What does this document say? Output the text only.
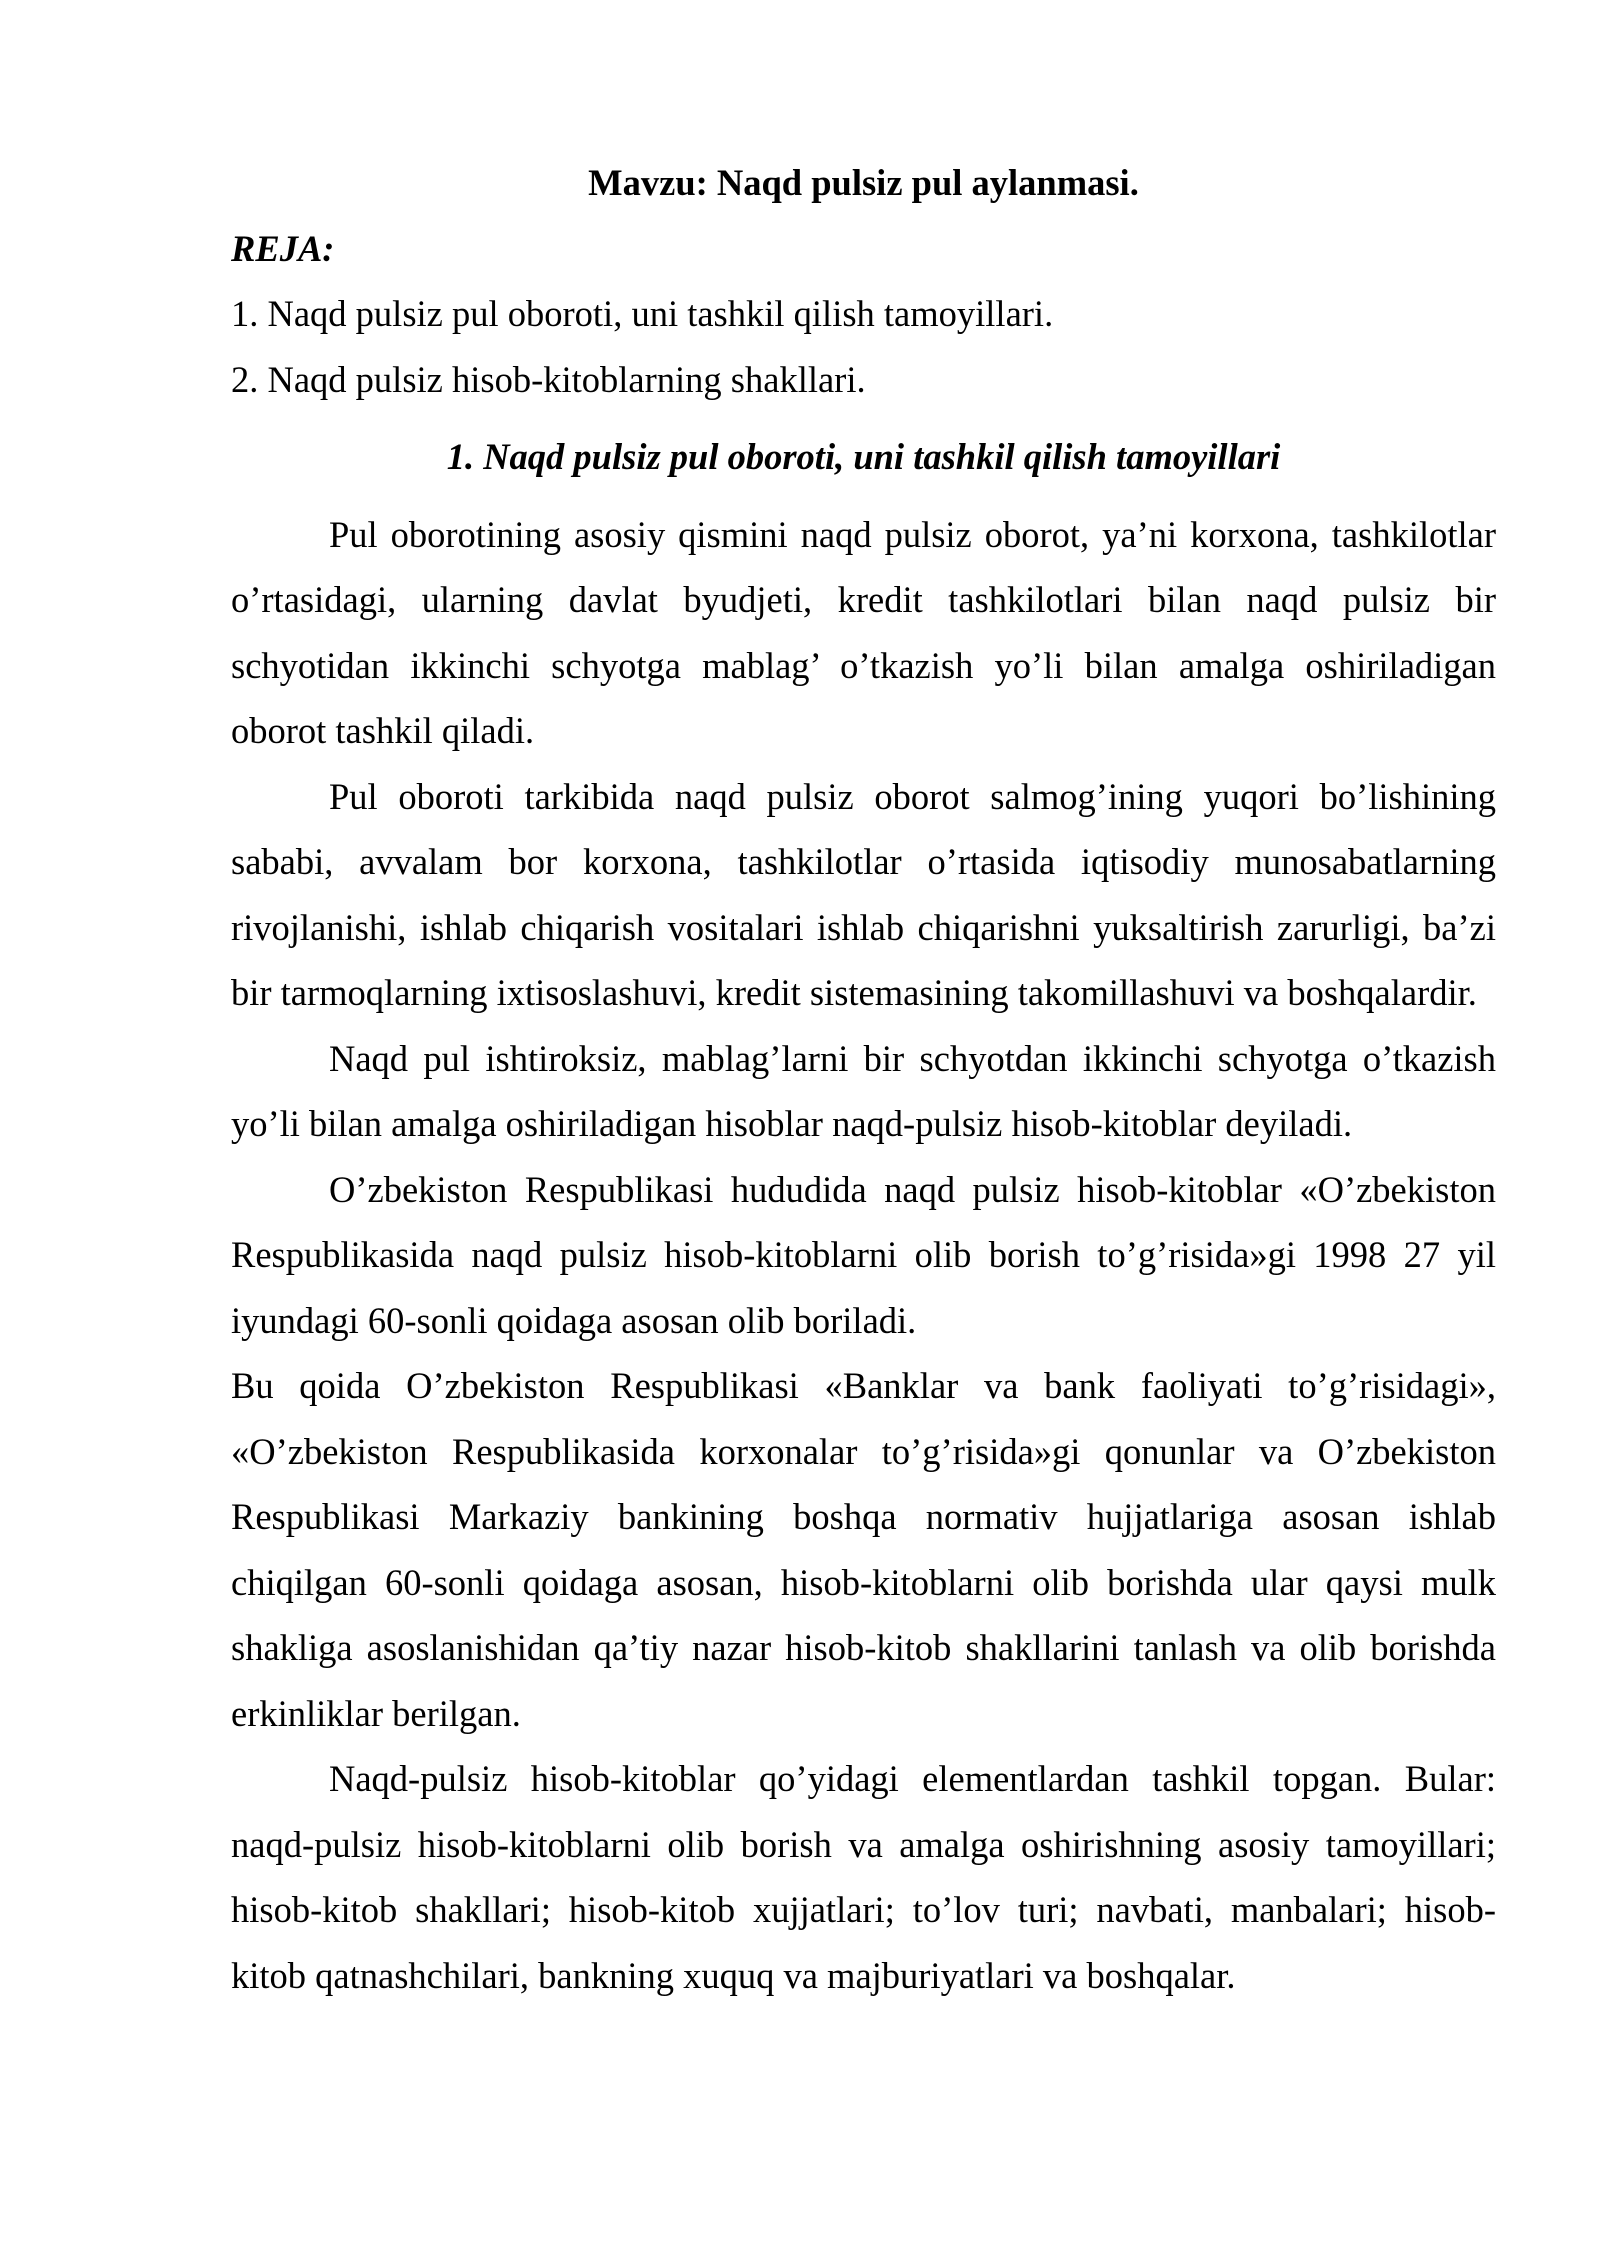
Mavzu: Naqd pulsiz pul aylanmasi.

REJA:

1. Naqd pulsiz pul oboroti, uni tashkil qilish tamoyillari.

2. Naqd pulsiz hisob-kitoblarning shakllari.

1. Naqd pulsiz pul oboroti, uni tashkil qilish tamoyillari

Pul oborotining asosiy qismini naqd pulsiz oborot, ya’ni korxona, tashkilotlar o’rtasidagi, ularning davlat byudjeti, kredit tashkilotlari bilan naqd pulsiz bir schyotidan ikkinchi schyotga mablag’ o’tkazish yo’li bilan amalga oshiriladigan oborot tashkil qiladi.

Pul oboroti tarkibida naqd pulsiz oborot salmog’ining yuqori bo’lishining sababi, avvalam bor korxona, tashkilotlar o’rtasida iqtisodiy munosabatlarning rivojlanishi, ishlab chiqarish vositalari ishlab chiqarishni yuksaltirish zarurligi, ba’zi bir tarmoqlarning ixtisoslashuvi, kredit sistemasining takomillashuvi va boshqalardir.

Naqd pul ishtiroksiz, mablag’larni bir schyotdan ikkinchi schyotga o’tkazish yo’li bilan amalga oshiriladigan hisoblar naqd-pulsiz hisob-kitoblar deyiladi.

O’zbekiston Respublikasi hududida naqd pulsiz hisob-kitoblar «O’zbekiston Respublikasida naqd pulsiz hisob-kitoblarni olib borish to’g’risida»gi 1998 27 yil iyundagi 60-sonli qoidaga asosan olib boriladi.

Bu qoida O’zbekiston Respublikasi «Banklar va bank faoliyati to’g’risidagi», «O’zbekiston Respublikasida korxonalar to’g’risida»gi qonunlar va O’zbekiston Respublikasi Markaziy bankining boshqa normativ hujjatlariga asosan ishlab chiqilgan 60-sonli qoidaga asosan, hisob-kitoblarni olib borishda ular qaysi mulk shakliga asoslanishidan qa’tiy nazar hisob-kitob shakllarini tanlash va olib borishda erkinliklar berilgan.

Naqd-pulsiz hisob-kitoblar qo’yidagi elementlardan tashkil topgan. Bular: naqd-pulsiz hisob-kitoblarni olib borish va amalga oshirishning asosiy tamoyillari; hisob-kitob shakllari; hisob-kitob xujjatlari; to’lov turi; navbati, manbalari; hisob-kitob qatnashchilari, bankning xuquq va majburiyatlari va boshqalar.
